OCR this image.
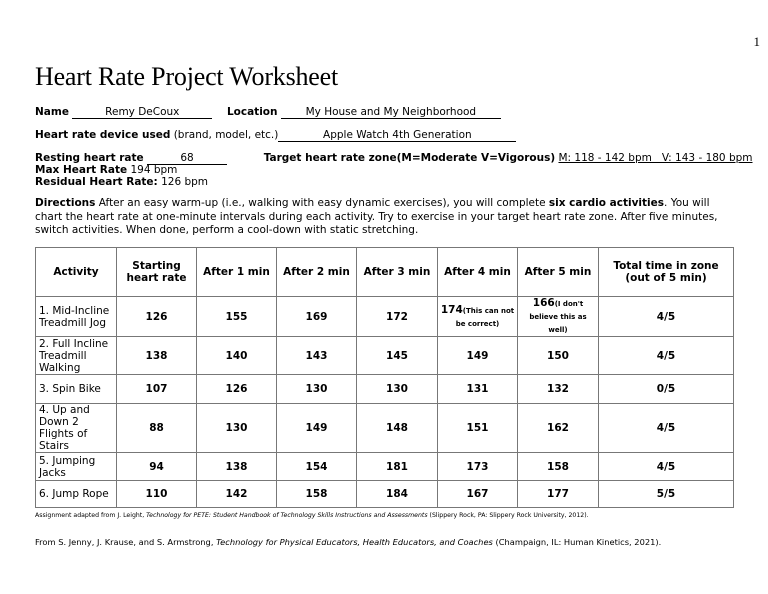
1
Heart Rate Project Worksheet
Name	Remy DeCoux	Location	My House and My Neighborhood
Heart rate device used (brand, model, etc.)	Apple Watch 4th Generation
Resting heart rate	68	Target heart rate zone(M=Moderate V=Vigorous) M: 118 - 142 bpm   V: 143 - 180 bpm
Max Heart Rate 194 bpm
Residual Heart Rate: 126 bpm
Directions After an easy warm-up (i.e., walking with easy dynamic exercises), you will complete six cardio activities. You will chart the heart rate at one-minute intervals during each activity. Try to exercise in your target heart rate zone. After five minutes, switch activities. When done, perform a cool-down with static stretching.
Activity	Starting heart rate	After 1 min	After 2 min	After 3 min	After 4 min	After 5 min	Total time in zone (out of 5 min)
1. Mid-Incline Treadmill Jog	126	155	169	172	174(This can not be correct)	166(I don't believe this as well)	4/5
2. Full Incline Treadmill Walking	138	140	143	145	149	150	4/5
3. Spin Bike	107	126	130	130	131	132	0/5
4. Up and Down 2 Flights of Stairs	88	130	149	148	151	162	4/5
5. Jumping Jacks	94	138	154	181	173	158	4/5
6. Jump Rope	110	142	158	184	167	177	5/5
Assignment adapted from J. Leight, Technology for PETE: Student Handbook of Technology Skills Instructions and Assessments (Slippery Rock, PA: Slippery Rock University, 2012).
From S. Jenny, J. Krause, and S. Armstrong, Technology for Physical Educators, Health Educators, and Coaches (Champaign, IL: Human Kinetics, 2021).
